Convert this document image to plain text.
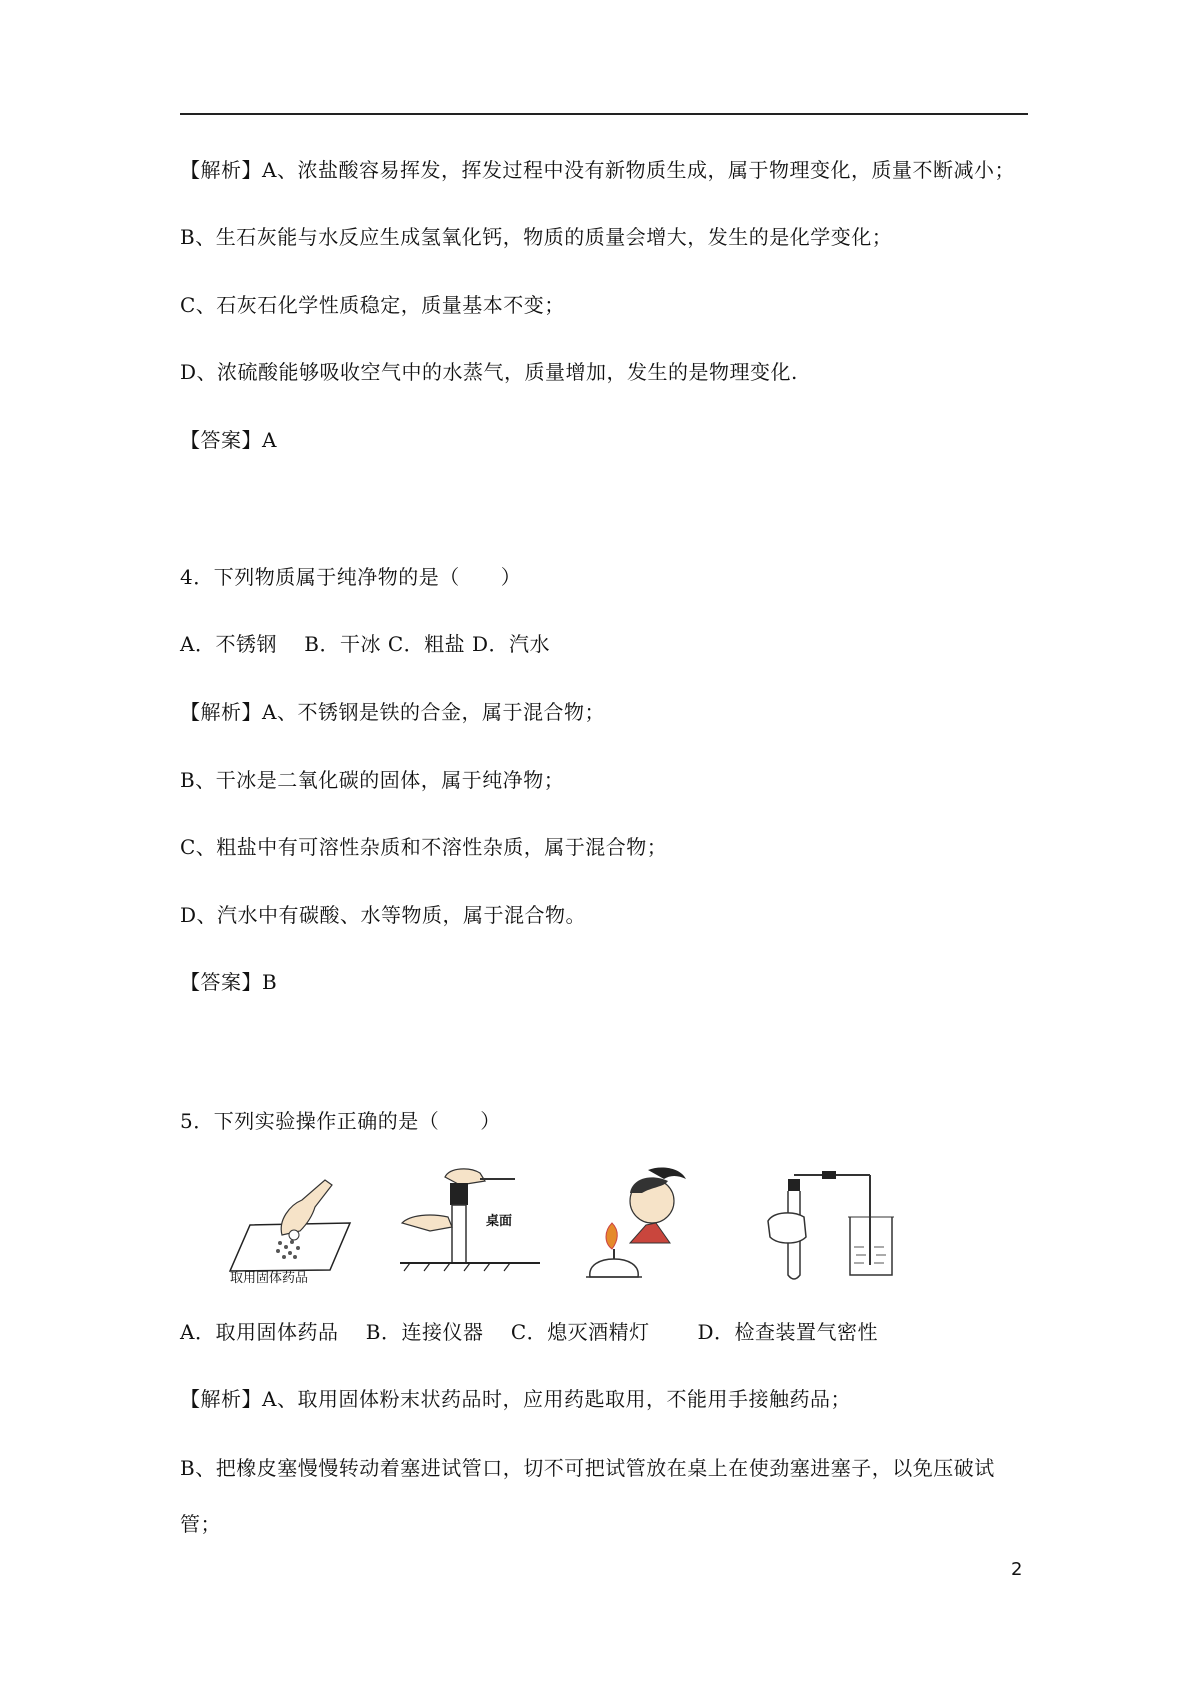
【解析】A、浓盐酸容易挥发，挥发过程中没有新物质生成，属于物理变化，质量不断减小；
B、生石灰能与水反应生成氢氧化钙，物质的质量会增大，发生的是化学变化；
C、石灰石化学性质稳定，质量基本不变；
D、浓硫酸能够吸收空气中的水蒸气，质量增加，发生的是物理变化.
【答案】A
4．下列物质属于纯净物的是（　　）
A．不锈钢　 B．干冰 C．粗盐 D．汽水
【解析】A、不锈钢是铁的合金，属于混合物；
B、干冰是二氧化碳的固体，属于纯净物；
C、粗盐中有可溶性杂质和不溶性杂质，属于混合物；
D、汽水中有碳酸、水等物质，属于混合物。
【答案】B
5．下列实验操作正确的是（　　）
取用固体药品
桌面
A．取用固体药品　 B．连接仪器　 C．熄灭酒精灯　　 D．检查装置气密性
【解析】A、取用固体粉末状药品时，应用药匙取用，不能用手接触药品；
B、把橡皮塞慢慢转动着塞进试管口，切不可把试管放在桌上在使劲塞进塞子，以免压破试管；
2
